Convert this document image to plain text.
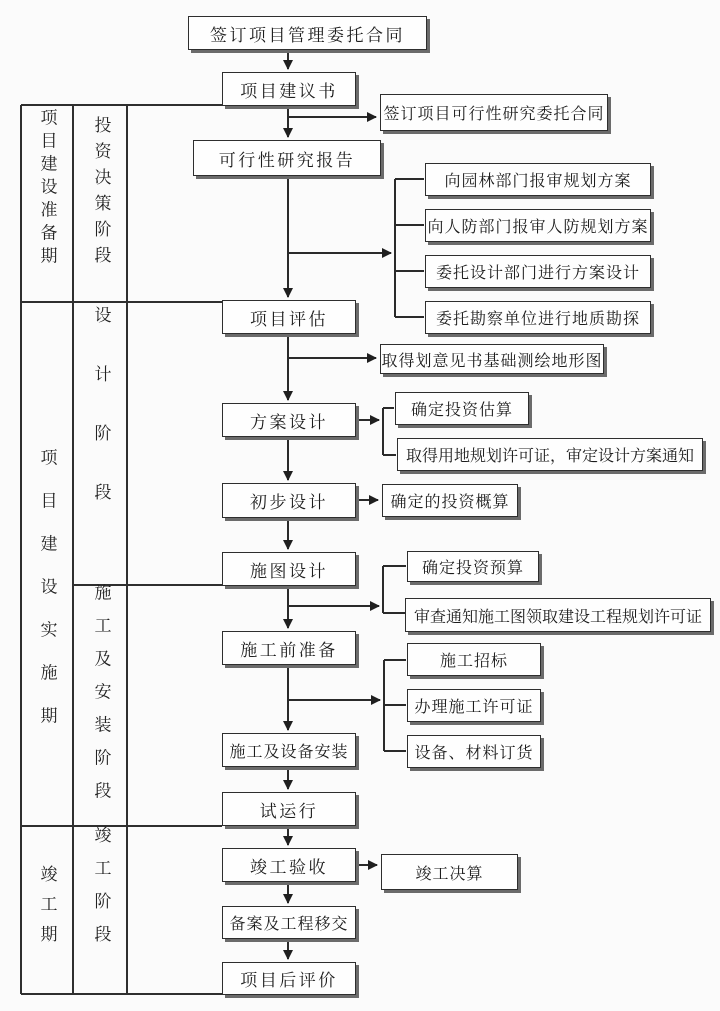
项目建设准备期 投资决策阶段
项目建设实施期
设计阶段
施工及安装阶段
竣工期 竣工阶段
签订项目管理委托合同
项目建议书
可行性研究报告
项目评估
方案设计
初步设计
施图设计
施工前准备
施工及设备安装
试运行
竣工验收
备案及工程移交
项目后评价
签订项目可行性研究委托合同
向园林部门报审规划方案
向人防部门报审人防规划方案
委托设计部门进行方案设计
委托勘察单位进行地质勘探
取得划意见书基础测绘地形图
确定投资估算
取得用地规划许可证，审定设计方案通知
确定的投资概算
确定投资预算
审查通知施工图领取建设工程规划许可证
施工招标
办理施工许可证
设备、材料订货
竣工决算
